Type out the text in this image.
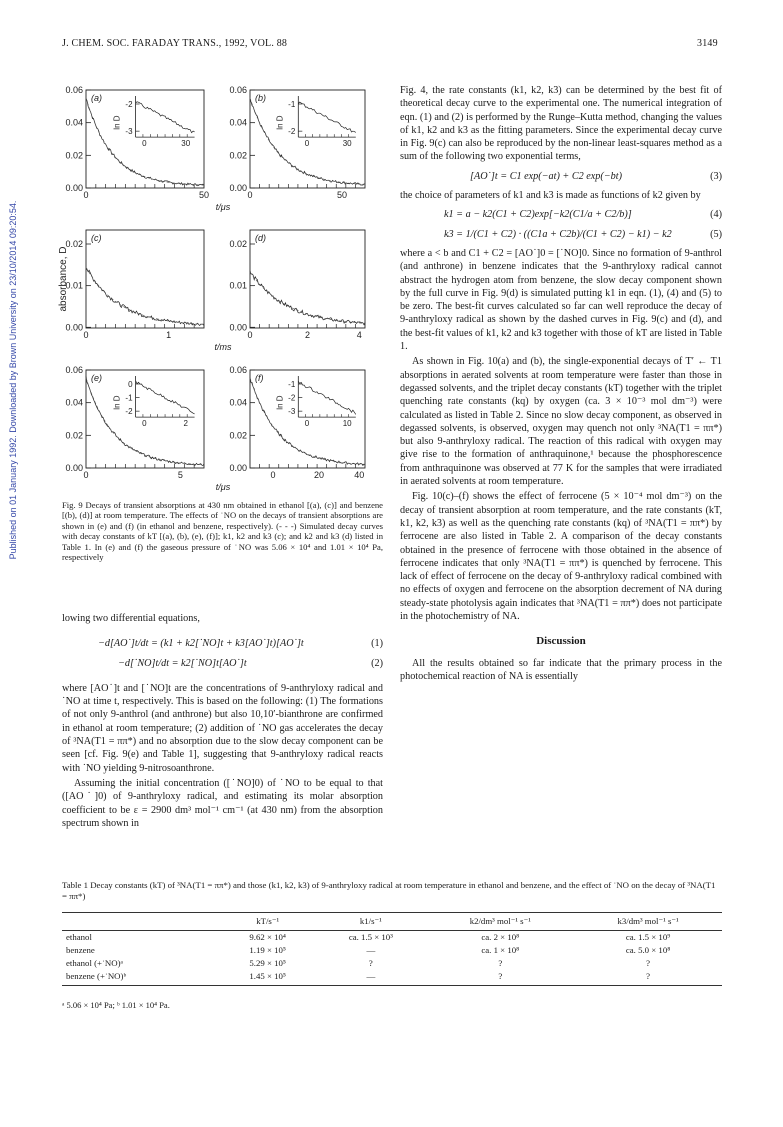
J. CHEM. SOC. FARADAY TRANS., 1992, VOL. 88	3149
Published on 01 January 1992. Downloaded by Brown University on 23/10/2014 09:20:54.
0.06
0.04
0.02
0.00
0	50
(a)
-2
-3
0	30
ln D
0.06
0.04
0.02
0.00
0	50
(b)
-1
-2
0	30
ln D
t/μs
0.02
0.01
0.00
0	1
(c)
0.02
0.01
0.00
0	2	4
(d)
t/ms
0.06
0.04
0.02
0.00
0	5
(e)
0
-1
-2
0	2
ln D
0.06
0.04
0.02
0.00
0	20	40
(f)
-1
-2
-3
0	10
ln D
t/μs
absorbance, D
Fig. 9 Decays of transient absorptions at 430 nm obtained in ethanol [(a), (c)] and benzene [(b), (d)] at room temperature. The effects of ˙NO on the decays of transient absorptions are shown in (e) and (f) (in ethanol and benzene, respectively). (- - -) Simulated decay curves with decay constants of kT [(a), (b), (e), (f)]; k1, k2 and k3 (c); and k2 and k3 (d) listed in Table 1. In (e) and (f) the gaseous pressure of ˙NO was 5.06 × 10⁴ and 1.01 × 10⁴ Pa, respectively

lowing two differential equations,

−d[AO˙]t/dt = (k1 + k2[˙NO]t + k3[AO˙]t)[AO˙]t	(1)
−d[˙NO]t/dt = k2[˙NO]t[AO˙]t	(2)

where [AO˙]t and [˙NO]t are the concentrations of 9-anthryloxy radical and ˙NO at time t, respectively. This is based on the following: (1) The formations of not only 9-anthrol (and anthrone) but also 10,10′-bianthrone are confirmed in ethanol at room temperature; (2) addition of ˙NO gas accelerates the decay of ³NA(T1 = ππ*) and no absorption due to the slow decay component can be seen [cf. Fig. 9(e) and Table 1], suggesting that 9-anthryloxy radical reacts with ˙NO yielding 9-nitrosoanthrone.

Assuming the initial concentration ([˙NO]0) of ˙NO to be equal to that ([AO˙]0) of 9-anthryloxy radical, and estimating its molar absorption coefficient to be ε = 2900 dm³ mol⁻¹ cm⁻¹ (at 430 nm) from the absorption spectrum shown in

Fig. 4, the rate constants (k1, k2, k3) can be determined by the best fit of theoretical decay curve to the experimental one. The numerical integration of eqn. (1) and (2) is performed by the Runge–Kutta method, changing the values of k1, k2 and k3 as the fitting parameters. Since the experimental decay curve in Fig. 9(c) can also be reproduced by the non-linear least-squares method as a sum of the following two exponential terms,

[AO˙]t = C1 exp(−at) + C2 exp(−bt)	(3)

the choice of parameters of k1 and k3 is made as functions of k2 given by

k1 = a − k2(C1 + C2)exp[−k2(C1/a + C2/b)]	(4)
k3 = 1/(C1 + C2) · ((C1a + C2b)/(C1 + C2) − k1) − k2	(5)

where a < b and C1 + C2 = [AO˙]0 = [˙NO]0. Since no formation of 9-anthrol (and anthrone) in benzene indicates that the 9-anthryloxy radical cannot abstract the hydrogen atom from benzene, the slow decay component shown by the full curve in Fig. 9(d) is simulated putting k1 in eqn. (1), (4) and (5) to be zero. The best-fit curves calculated so far can well reproduce the decay of 9-anthryloxy radical as shown by the dashed curves in Fig. 9(c) and (d), and the best-fit values of k1, k2 and k3 together with those of kT are listed in Table 1.

As shown in Fig. 10(a) and (b), the single-exponential decays of T′ ← T1 absorptions in aerated solvents at room temperature were faster than those in degassed solvents, and the triplet decay constants (kT) together with the triplet quenching rate constants (kq) by oxygen (ca. 3 × 10⁻³ mol dm⁻³) were calculated as listed in Table 2. Since no slow decay component, as observed in degassed solvents, is observed, oxygen may quench not only ³NA(T1 = ππ*) but also 9-anthryloxy radical. The reaction of this radical with oxygen may give rise to the formation of anthraquinone,¹ because the phosphorescence from anthraquinone was observed at 77 K for the samples that were irradiated in aerated solvents at room temperature.

Fig. 10(c)–(f) shows the effect of ferrocene (5 × 10⁻⁴ mol dm⁻³) on the decay of transient absorption at room temperature, and the rate constants (kT, k1, k2, k3) as well as the quenching rate constants (kq) of ³NA(T1 = ππ*) by ferrocene are also listed in Table 2. A comparison of the decay constants obtained in the presence of ferrocene with those obtained in the absence of ferrocene indicates that only ³NA(T1 = ππ*) is quenched by ferrocene. This lack of effect of ferrocene on the decay of 9-anthryloxy radical combined with no effects of oxygen and ferrocene on the absorption decrement of NA during steady-state photolysis again indicates that ³NA(T1 = ππ*) does not participate in the photochemistry of NA.

Discussion

All the results obtained so far indicate that the primary process in the photochemical reaction of NA is essentially

Table 1 Decay constants (kT) of ³NA(T1 = ππ*) and those (k1, k2, k3) of 9-anthryloxy radical at room temperature in ethanol and benzene, and the effect of ˙NO on the decay of ³NA(T1 = ππ*)
	kT/s⁻¹	k1/s⁻¹	k2/dm³ mol⁻¹ s⁻¹	k3/dm³ mol⁻¹ s⁻¹
ethanol	9.62 × 10⁴	ca. 1.5 × 10³	ca. 2 × 10⁸	ca. 1.5 × 10⁹
benzene	1.19 × 10⁵	—	ca. 1 × 10⁸	ca. 5.0 × 10⁸
ethanol (+˙NO)ᵃ	5.29 × 10⁵	?	?	?
benzene (+˙NO)ᵇ	1.45 × 10⁵	—	?	?
ᵃ 5.06 × 10⁴ Pa; ᵇ 1.01 × 10⁴ Pa.
